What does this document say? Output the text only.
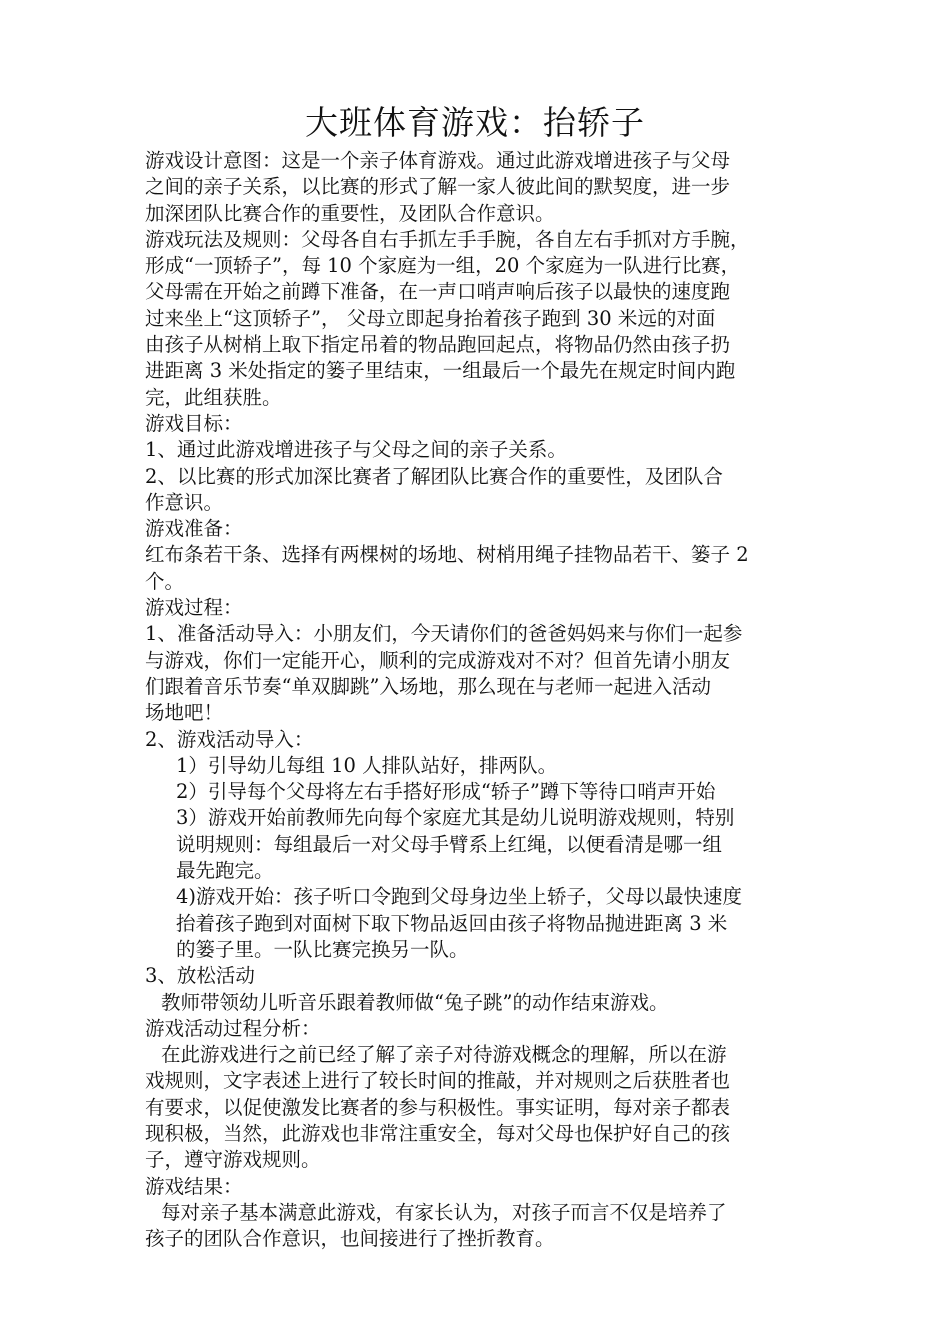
大班体育游戏：抬轿子
游戏设计意图：这是一个亲子体育游戏。通过此游戏增进孩子与父母
之间的亲子关系，以比赛的形式了解一家人彼此间的默契度，进一步
加深团队比赛合作的重要性，及团队合作意识。
游戏玩法及规则：父母各自右手抓左手手腕，各自左右手抓对方手腕，
形成“一顶轿子”，每 10 个家庭为一组，20 个家庭为一队进行比赛，
父母需在开始之前蹲下准备，在一声口哨声响后孩子以最快的速度跑
过来坐上“这顶轿子”， 父母立即起身抬着孩子跑到 30 米远的对面
由孩子从树梢上取下指定吊着的物品跑回起点，将物品仍然由孩子扔
进距离 3 米处指定的篓子里结束，一组最后一个最先在规定时间内跑
完，此组获胜。
游戏目标：
1、通过此游戏增进孩子与父母之间的亲子关系。
2、以比赛的形式加深比赛者了解团队比赛合作的重要性，及团队合
作意识。
游戏准备：
红布条若干条、选择有两棵树的场地、树梢用绳子挂物品若干、篓子 2
个。
游戏过程：
1、准备活动导入：小朋友们，今天请你们的爸爸妈妈来与你们一起参
与游戏，你们一定能开心，顺利的完成游戏对不对？但首先请小朋友
们跟着音乐节奏“单双脚跳”入场地，那么现在与老师一起进入活动
场地吧！
2、游戏活动导入：
1）引导幼儿每组 10 人排队站好，排两队。
2）引导每个父母将左右手搭好形成“轿子”蹲下等待口哨声开始
3）游戏开始前教师先向每个家庭尤其是幼儿说明游戏规则，特别
说明规则：每组最后一对父母手臂系上红绳，以便看清是哪一组
最先跑完。
4)游戏开始：孩子听口令跑到父母身边坐上轿子，父母以最快速度
抬着孩子跑到对面树下取下物品返回由孩子将物品抛进距离 3 米
的篓子里。一队比赛完换另一队。
3、放松活动
教师带领幼儿听音乐跟着教师做“兔子跳”的动作结束游戏。
游戏活动过程分析：
在此游戏进行之前已经了解了亲子对待游戏概念的理解，所以在游
戏规则，文字表述上进行了较长时间的推敲，并对规则之后获胜者也
有要求，以促使激发比赛者的参与积极性。事实证明，每对亲子都表
现积极，当然，此游戏也非常注重安全，每对父母也保护好自己的孩
子，遵守游戏规则。
游戏结果：
每对亲子基本满意此游戏，有家长认为，对孩子而言不仅是培养了
孩子的团队合作意识，也间接进行了挫折教育。
